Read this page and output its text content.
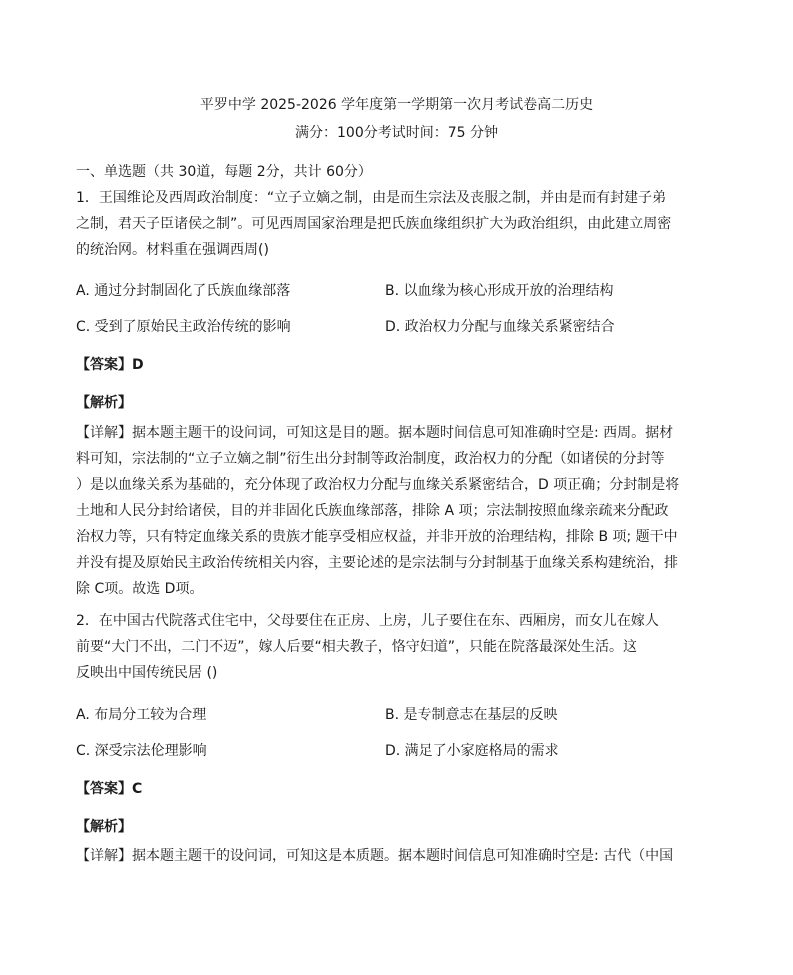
平罗中学 2025-2026 学年度第一学期第一次月考试卷高二历史
满分：100分考试时间：75 分钟
一、单选题（共 30道，每题 2分，共计 60分）
1．王国维论及西周政治制度：“立子立嫡之制，由是而生宗法及丧服之制，并由是而有封建子弟
之制，君天子臣诸侯之制”。可见西周国家治理是把氏族血缘组织扩大为政治组织，由此建立周密
的统治网。材料重在强调西周()
A. 通过分封制固化了氏族血缘部落	B. 以血缘为核心形成开放的治理结构
C. 受到了原始民主政治传统的影响	D. 政治权力分配与血缘关系紧密结合
【答案】D
【解析】
【详解】据本题主题干的设问词，可知这是目的题。据本题时间信息可知准确时空是: 西周。据材
料可知，宗法制的“立子立嫡之制”衍生出分封制等政治制度，政治权力的分配（如诸侯的分封等
）是以血缘关系为基础的，充分体现了政治权力分配与血缘关系紧密结合，D 项正确；分封制是将
土地和人民分封给诸侯，目的并非固化氏族血缘部落，排除 A 项；宗法制按照血缘亲疏来分配政
治权力等，只有特定血缘关系的贵族才能享受相应权益，并非开放的治理结构，排除 B 项; 题干中
并没有提及原始民主政治传统相关内容，主要论述的是宗法制与分封制基于血缘关系构建统治，排
除 C项。故选 D项。
2．在中国古代院落式住宅中，父母要住在正房、上房，儿子要住在东、西厢房，而女儿在嫁人
前要“大门不出，二门不迈”，嫁人后要“相夫教子，恪守妇道”，只能在院落最深处生活。这
反映出中国传统民居 ()
A. 布局分工较为合理	B. 是专制意志在基层的反映
C. 深受宗法伦理影响	D. 满足了小家庭格局的需求
【答案】C
【解析】
【详解】据本题主题干的设问词，可知这是本质题。据本题时间信息可知准确时空是: 古代（中国
